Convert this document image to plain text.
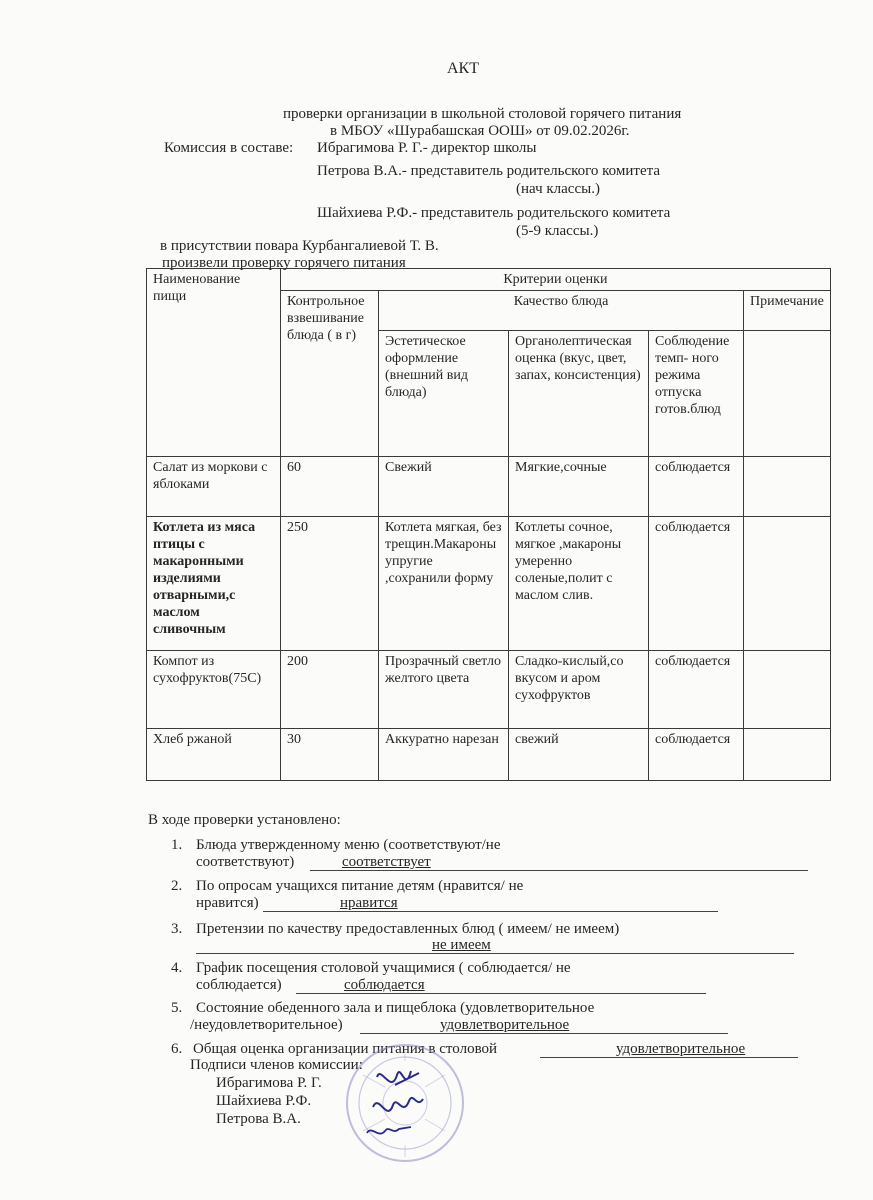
АКТ
проверки организации в школьной столовой горячего питания
в МБОУ «Шурабашская ООШ» от 09.02.2026г.
Комиссия в составе: Ибрагимова Р. Г.- директор школы
Петрова В.А.- представитель родительского комитета
(нач классы.)
Шайхиева Р.Ф.- представитель родительского комитета
(5-9 классы.)
в присутствии повара Курбангалиевой Т. В.
произвели проверку горячего питания
Наименование пищи	Критерии оценки				
	Контрольное взвешивание блюда ( в г)	Качество блюда			Примечание
		Эстетическое оформление (внешний вид блюда)	Органолептическая оценка (вкус, цвет, запах, консистенция)	Соблюдение темп- ного режима отпуска готов.блюд	
Салат из моркови с яблоками	60	Свежий	Мягкие,сочные	соблюдается	
Котлета из мяса птицы с макаронными изделиями отварными,с маслом сливочным	250	Котлета мягкая, без трещин.Макароны упругие ,сохранили форму	Котлеты сочное, мягкое ,макароны умеренно соленые,полит с маслом слив.	соблюдается	
Компот из сухофруктов(75С)	200	Прозрачный светло желтого цвета	Сладко-кислый,со вкусом и аром сухофруктов	соблюдается	
Хлеб ржаной	30	Аккуратно нарезан	свежий	соблюдается	
В ходе проверки установлено:
1. Блюда утвержденному меню (соответствуют/не
соответствуют)	соответствует
2. По опросам учащихся питание детям (нравится/ не
нравится)	нравится
3. Претензии по качеству предоставленных блюд ( имеем/ не имеем)
не имеем
4. График посещения столовой учащимися ( соблюдается/ не
соблюдается)	соблюдается
5. Состояние обеденного зала и пищеблока (удовлетворительное
/неудовлетворительное)	удовлетворительное
6. Общая оценка организации питания в столовой	удовлетворительное
Подписи членов комиссии:
Ибрагимова Р. Г.
Шайхиева Р.Ф.
Петрова В.А.
